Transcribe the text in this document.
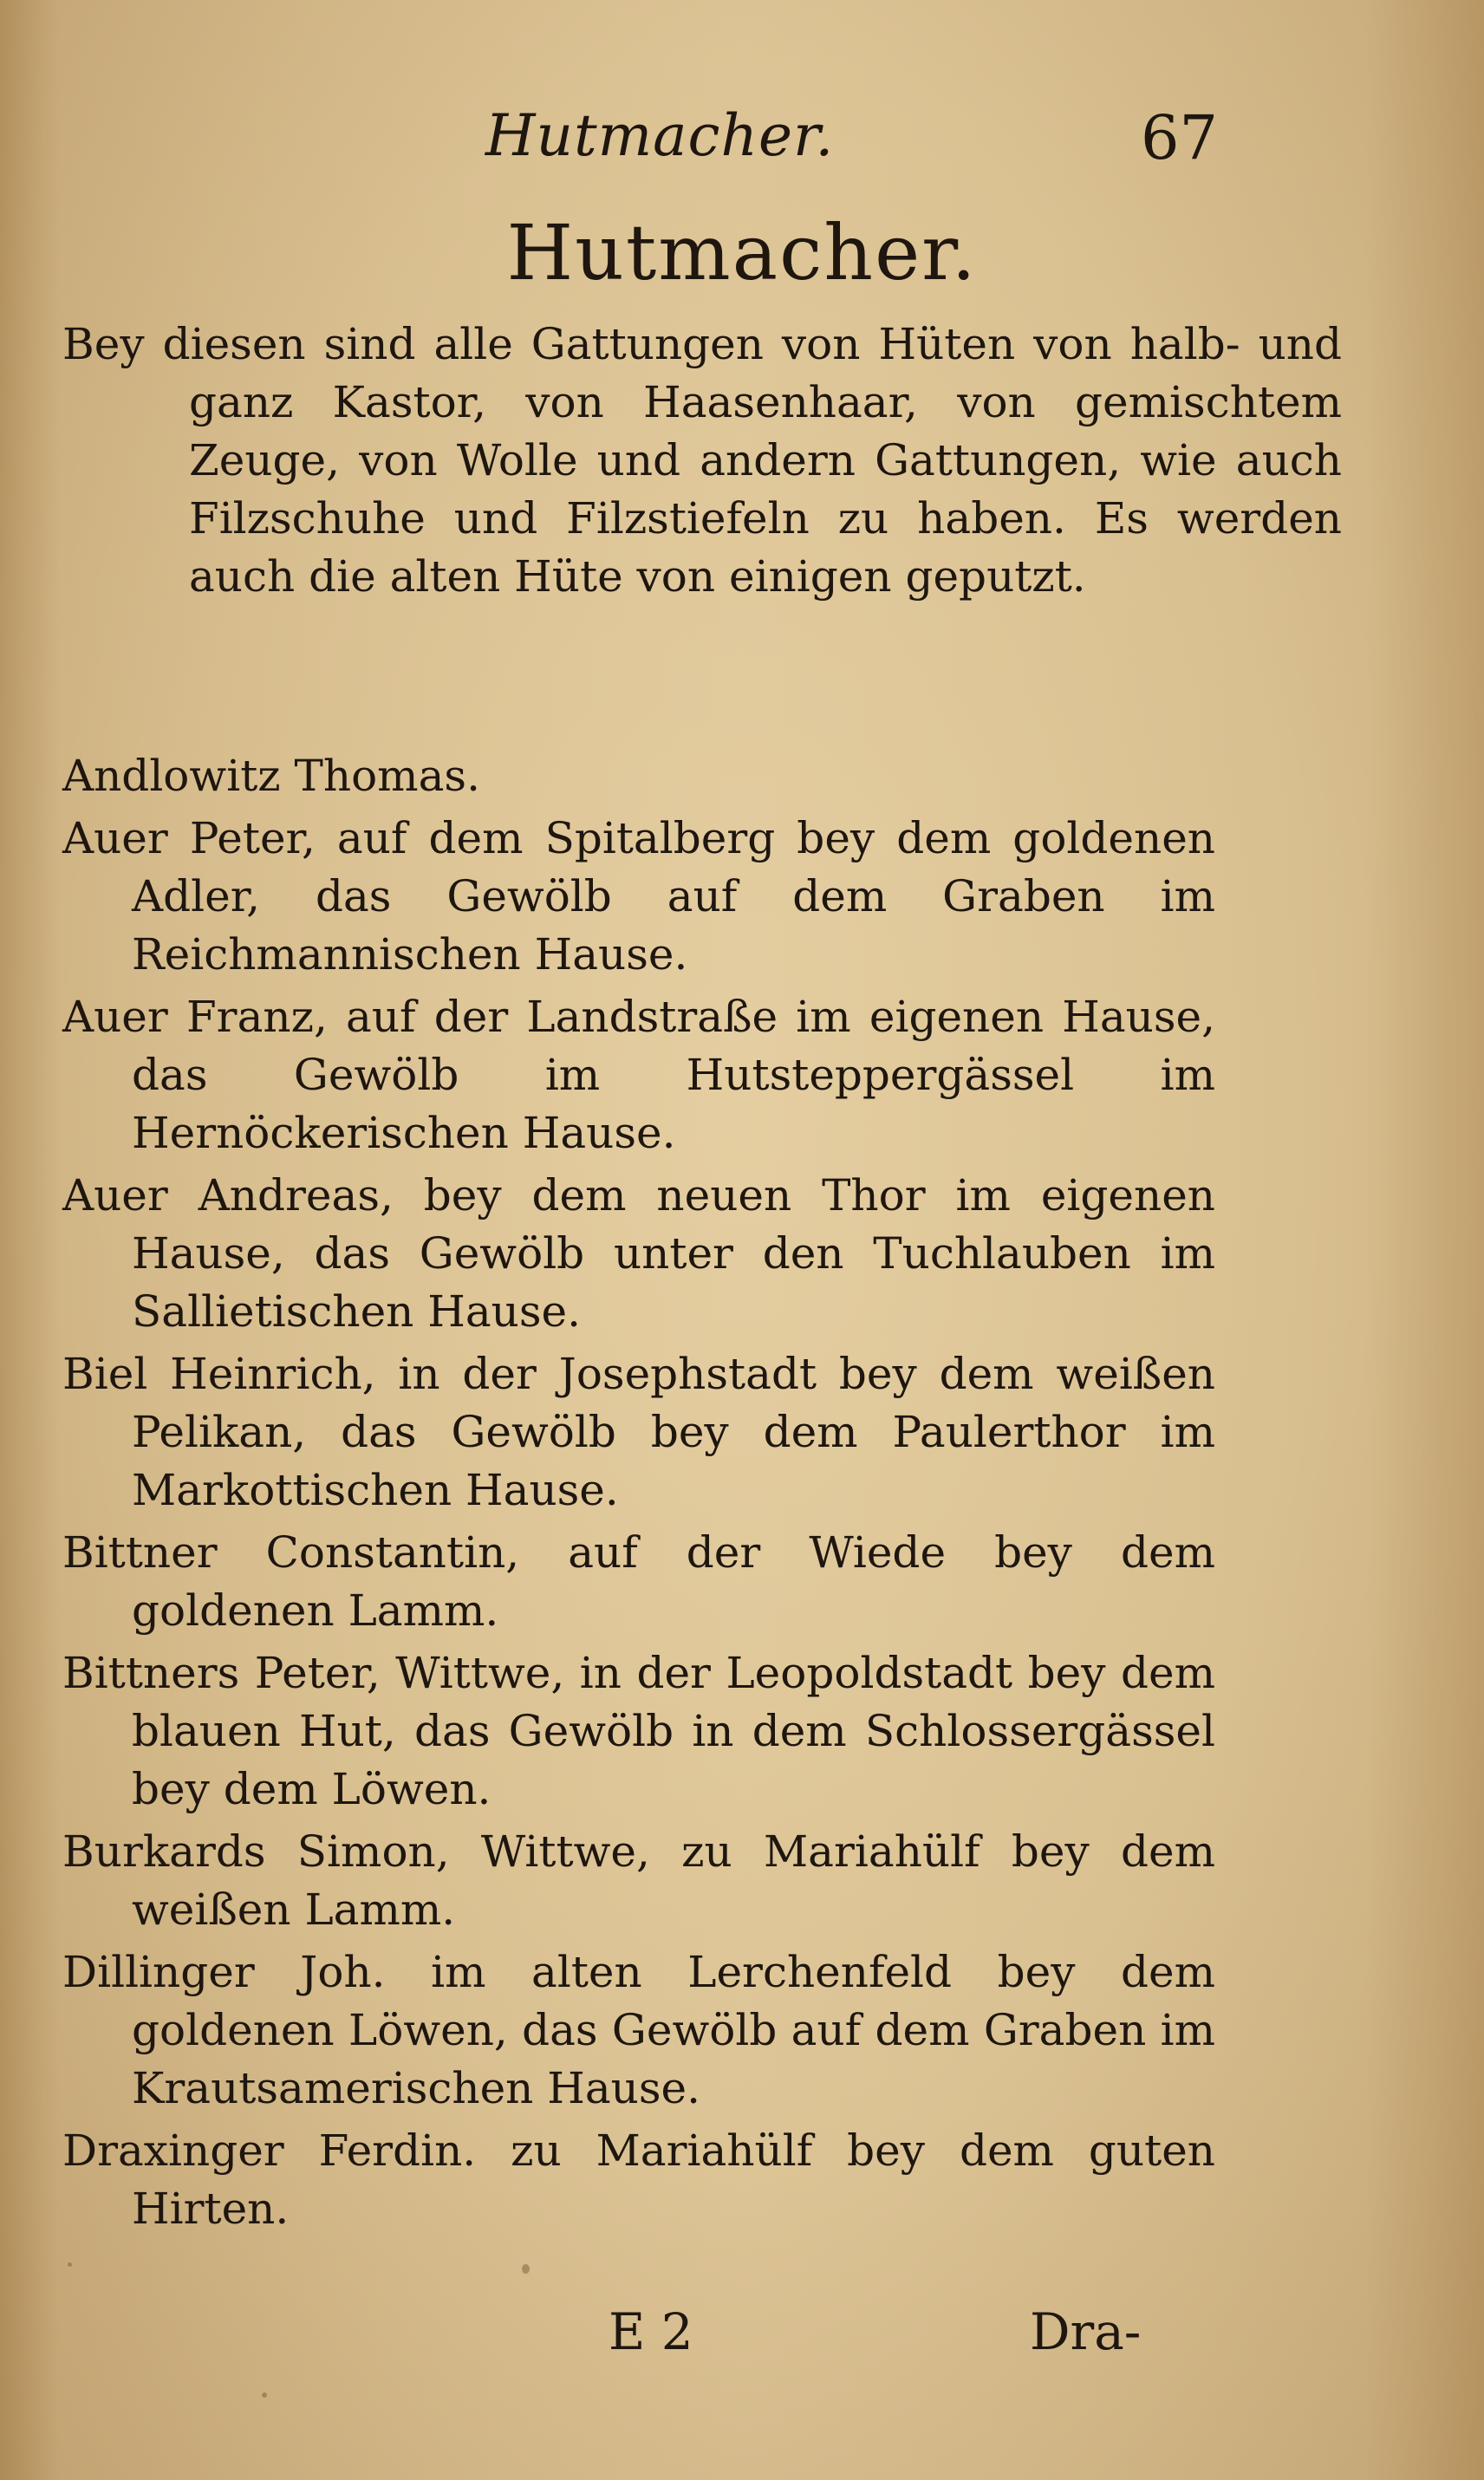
Hutmacher.	67
Hutmacher.

Bey diesen sind alle Gattungen von Hüten von halb- und ganz Kastor, von Haasenhaar, von gemischtem Zeuge, von Wolle und andern Gattungen, wie auch Filzschuhe und Filzstiefeln zu haben. Es werden auch die alten Hüte von einigen geputzt.

Andlowitz Thomas.

Auer Peter, auf dem Spitalberg bey dem goldenen Adler, das Gewölb auf dem Graben im Reichmannischen Hause.

Auer Franz, auf der Landstraße im eigenen Hause, das Gewölb im Hutsteppergässel im Hernöckerischen Hause.

Auer Andreas, bey dem neuen Thor im eigenen Hause, das Gewölb unter den Tuchlauben im Sallietischen Hause.

Biel Heinrich, in der Josephstadt bey dem weißen Pelikan, das Gewölb bey dem Paulerthor im Markottischen Hause.

Bittner Constantin, auf der Wiede bey dem goldenen Lamm.

Bittners Peter, Wittwe, in der Leopoldstadt bey dem blauen Hut, das Gewölb in dem Schlossergässel bey dem Löwen.

Burkards Simon, Wittwe, zu Mariahülf bey dem weißen Lamm.

Dillinger Joh. im alten Lerchenfeld bey dem goldenen Löwen, das Gewölb auf dem Graben im Krautsamerischen Hause.

Draxinger Ferdin. zu Mariahülf bey dem guten Hirten.

E 2	Dra-
